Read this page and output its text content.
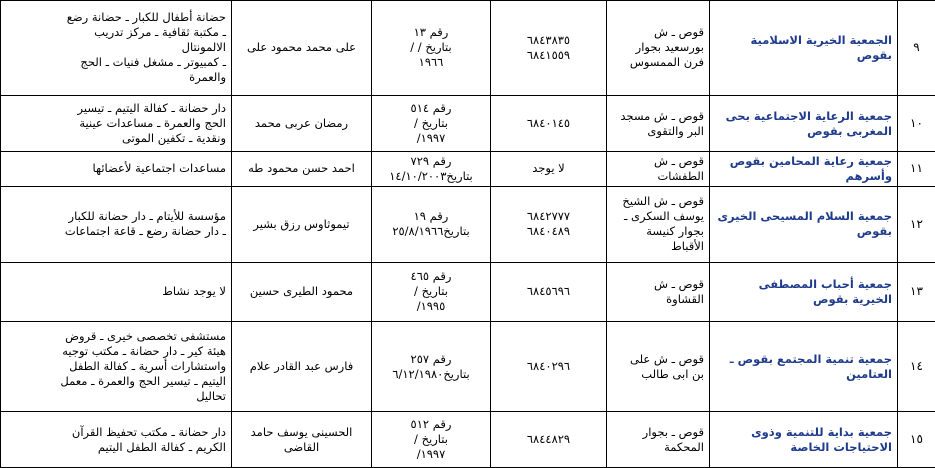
٩	الجمعية الخيرية الاسلامية بقوص	قوص ـ ش
بورسعيد بجوار
فرن الممسوس	٦٨٤٣٨٣٥
٦٨٤١٥٥٩	رقم ١٣
بتاريخ / /
١٩٦٦	على محمد محمود على	حضانة أطفال للكبار ـ حضانة رضع
ـ مكتبة ثقافية ـ مركز تدريب
الالمونتال
ـ كمبيوتر ـ مشغل فنيات ـ الحج
والعمرة

١٠	جمعية الرعاية الاجتماعية بحى المغربى بقوص	قوص ـ ش مسجد
البر والتقوى	٦٨٤٠١٤٥	رقم ٥١٤
بتاريخ /
١٩٩٧/	رمضان عربى محمد	دار حضانة ـ كفالة اليتيم ـ تيسير
الحج والعمرة ـ مساعدات عينية
ونقدية ـ تكفين الموتى

١١	جمعية رعاية المحامين بقوص وأسرهم	قوص ـ ش
الطفشات	لا يوجد	رقم ٧٢٩
بتاريخ١٤/١٠/٢٠٠٣	احمد حسن محمود طه	مساعدات اجتماعية لأعضائها

١٢	جمعية السلام المسيحى الخيرى بقوص	قوص ـ ش الشيخ
يوسف السكرى ـ
بجوار كنيسة
الأقباط	٦٨٤٢٧٧٧
٦٨٤٠٤٨٩	رقم ١٩
بتاريخ٢٥/٨/١٩٦٦	تيموثاوس رزق بشير	مؤسسة للأيتام ـ دار حضانة للكبار
ـ دار حضانة رضع ـ قاعة اجتماعات

١٣	جمعية أحباب المصطفى الخيرية بقوص	قوص ـ ش
القشاوة	٦٨٤٥٦٩٦	رقم ٤٦٥
بتاريخ /
١٩٩٥/	محمود الطيرى حسين	لا يوجد نشاط

١٤	جمعية تنمية المجتمع بقوص ـ العتامين	قوص ـ ش على
بن ابى طالب	٦٨٤٠٢٩٦	رقم ٢٥٧
بتاريخ٦/١٢/١٩٨٠	فارس عبد القادر علام	مستشفى تخصصى خيرى ـ قروض
هيئة كير ـ دار حضانة ـ مكتب توجيه
واستشارات أسرية ـ كفالة الطفل
اليتيم ـ تيسير الحج والعمرة ـ معمل
تحاليل

١٥	جمعية بداية للتنمية وذوى الاحتياجات الخاصة	قوص ـ بجوار
المحكمة	٦٨٤٤٨٢٩	رقم ٥١٢
بتاريخ /
١٩٩٧/	الحسينى يوسف حامد القاضى	دار حضانة ـ مكتب تحفيظ القرآن
الكريم ـ كفالة الطفل اليتيم
